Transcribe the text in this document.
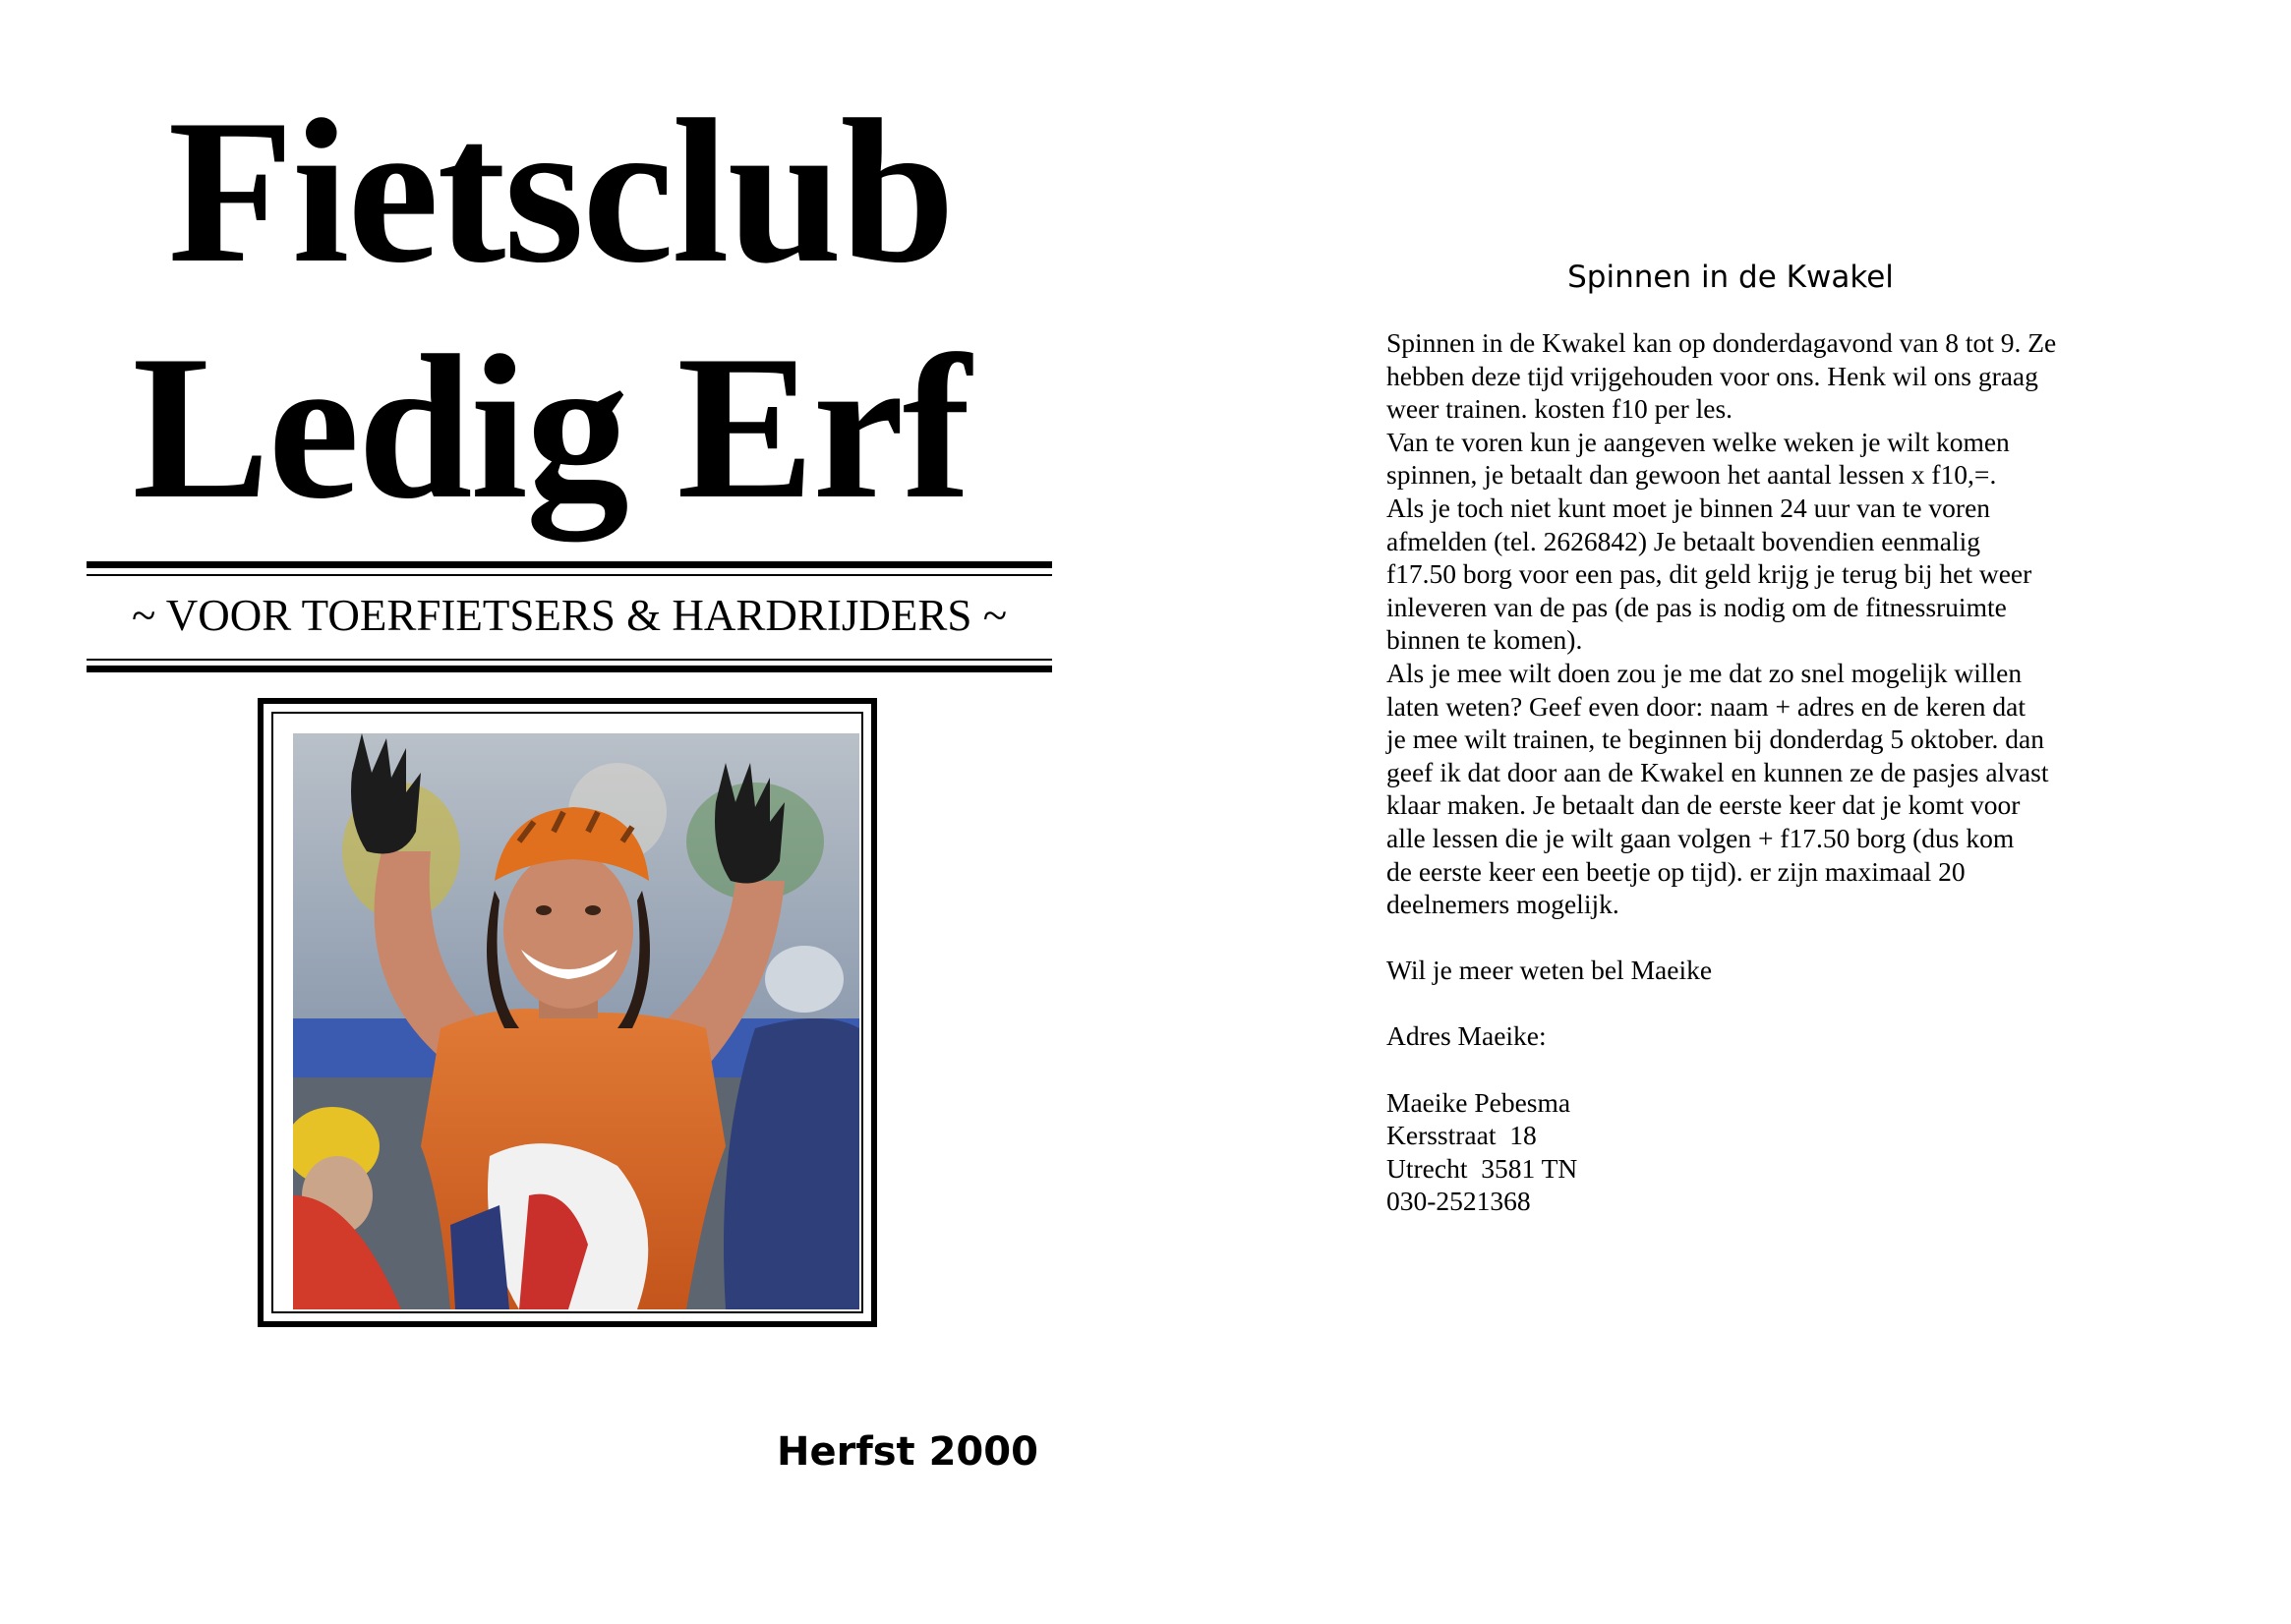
Fietsclub
Ledig Erf
~ VOOR TOERFIETSERS & HARDRIJDERS ~
Herfst 2000
Spinnen in de Kwakel

Spinnen in de Kwakel kan op donderdagavond van 8 tot 9. Ze
hebben deze tijd vrijgehouden voor ons. Henk wil ons graag
weer trainen. kosten f10 per les.
Van te voren kun je aangeven welke weken je wilt komen
spinnen, je betaalt dan gewoon het aantal lessen x f10,=.
Als je toch niet kunt moet je binnen 24 uur van te voren
afmelden (tel. 2626842) Je betaalt bovendien eenmalig
f17.50 borg voor een pas, dit geld krijg je terug bij het weer
inleveren van de pas (de pas is nodig om de fitnessruimte
binnen te komen).
Als je mee wilt doen zou je me dat zo snel mogelijk willen
laten weten? Geef even door: naam + adres en de keren dat
je mee wilt trainen, te beginnen bij donderdag 5 oktober. dan
geef ik dat door aan de Kwakel en kunnen ze de pasjes alvast
klaar maken. Je betaalt dan de eerste keer dat je komt voor
alle lessen die je wilt gaan volgen + f17.50 borg (dus kom
de eerste keer een beetje op tijd). er zijn maximaal 20
deelnemers mogelijk.

Wil je meer weten bel Maeike

Adres Maeike:

Maeike Pebesma
Kersstraat  18
Utrecht  3581 TN
030-2521368
